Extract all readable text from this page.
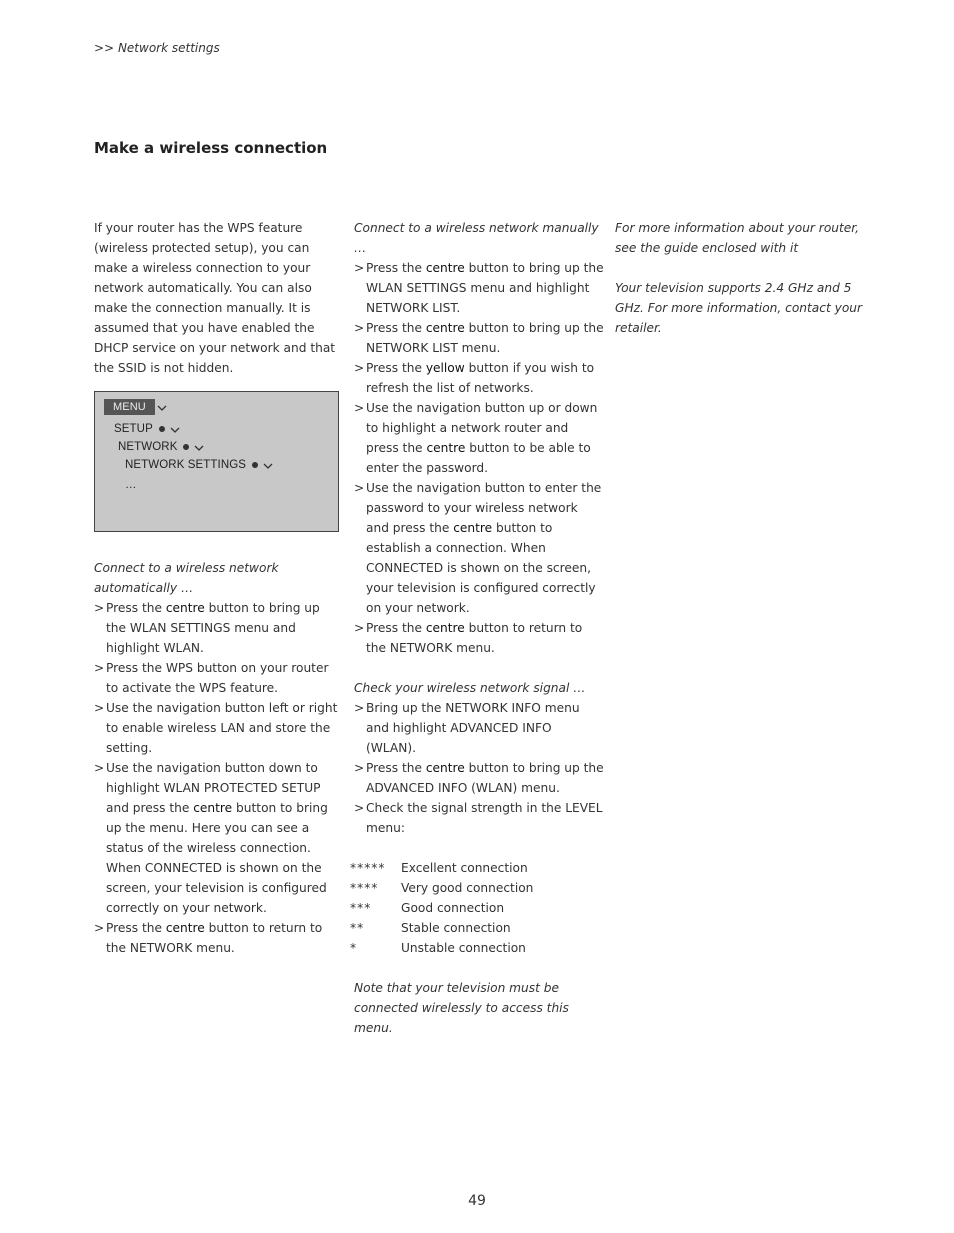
>> Network settings
Make a wireless connection

If your router has the WPS feature (wireless protected setup), you can make a wireless connection to your network automatically. You can also make the connection manually. It is assumed that you have enabled the DHCP service on your network and that the SSID is not hidden.

MENU
SETUP
NETWORK
NETWORK SETTINGS
…

Connect to a wireless network automatically …

> Press the centre button to bring up the WLAN SETTINGS menu and highlight WLAN.
> Press the WPS button on your router to activate the WPS feature.
> Use the navigation button left or right to enable wireless LAN and store the setting.
> Use the navigation button down to highlight WLAN PROTECTED SETUP and press the centre button to bring up the menu. Here you can see a status of the wireless connection. When CONNECTED is shown on the screen, your television is configured correctly on your network.
> Press the centre button to return to the NETWORK menu.

Connect to a wireless network manually …

> Press the centre button to bring up the WLAN SETTINGS menu and highlight NETWORK LIST.
> Press the centre button to bring up the NETWORK LIST menu.
> Press the yellow button if you wish to refresh the list of networks.
> Use the navigation button up or down to highlight a network router and press the centre button to be able to enter the password.
> Use the navigation button to enter the password to your wireless network and press the centre button to establish a connection. When CONNECTED is shown on the screen, your television is configured correctly on your network.
> Press the centre button to return to the NETWORK menu.

Check your wireless network signal …

> Bring up the NETWORK INFO menu and highlight ADVANCED INFO (WLAN).
> Press the centre button to bring up the ADVANCED INFO (WLAN) menu.
> Check the signal strength in the LEVEL menu:
*****	Excellent connection
****	Very good connection
***	Good connection
**	Stable connection
*	Unstable connection

Note that your television must be connected wirelessly to access this menu.

For more information about your router, see the guide enclosed with it

Your television supports 2.4 GHz and 5 GHz. For more information, contact your retailer.

49
